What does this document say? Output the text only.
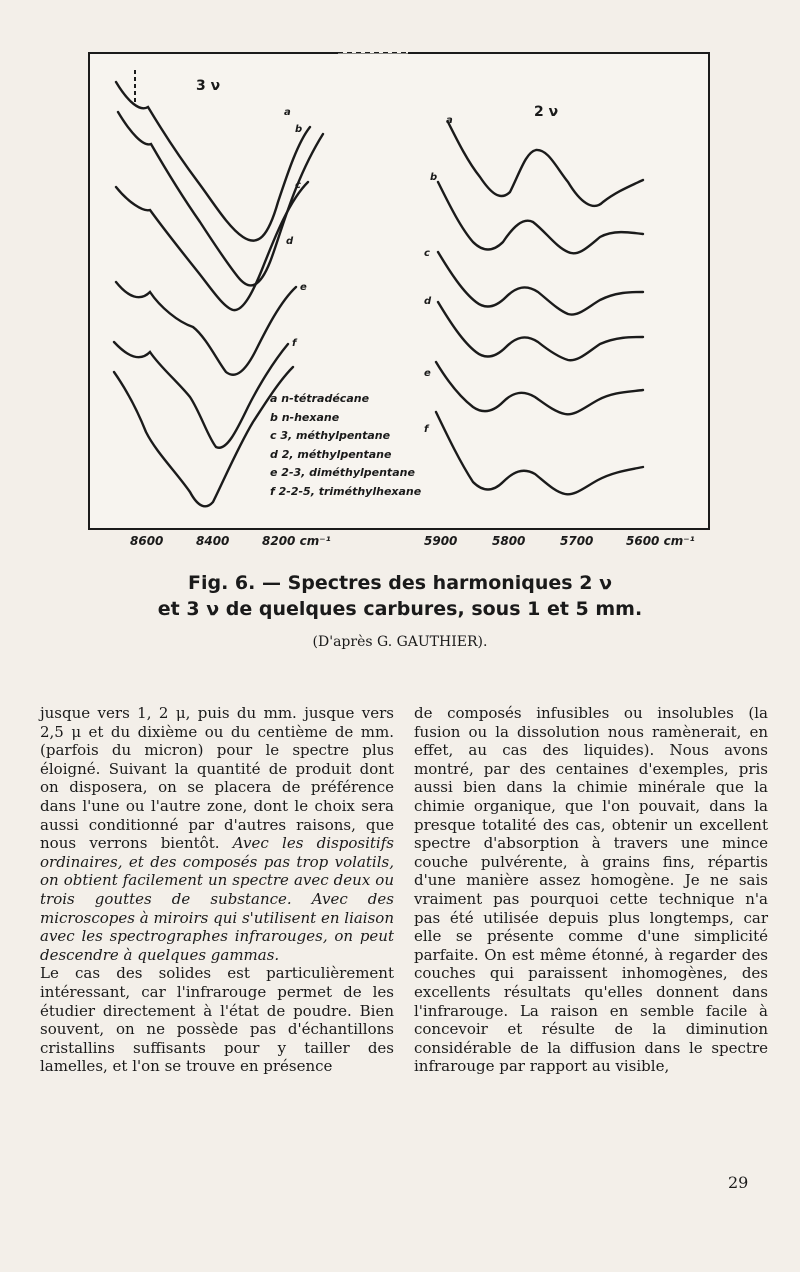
3 ν
2 ν
a
b
c
d
e
f
a
b
c
d
e
f
a n-tétradécane
b n-hexane
c 3, méthylpentane
d 2, méthylpentane
e 2-3, diméthylpentane
f 2-2-5, triméthylhexane
8600	8400	8200 cm⁻¹	5900	5800	5700	5600 cm⁻¹
Fig. 6. — Spectres des harmoniques 2 ν
et 3 ν de quelques carbures, sous 1 et 5 mm.
(D'après G. GAUTHIER).

jusque vers 1, 2 μ, puis du mm. jusque vers 2,5 μ et du dixième ou du centième de mm. (parfois du micron) pour le spectre plus éloigné. Suivant la quantité de produit dont on disposera, on se placera de préférence dans l'une ou l'autre zone, dont le choix sera aussi conditionné par d'autres raisons, que nous verrons bientôt. Avec les dispositifs ordinaires, et des composés pas trop volatils, on obtient facilement un spectre avec deux ou trois gouttes de substance. Avec des microscopes à miroirs qui s'utilisent en liaison avec les spectrographes infrarouges, on peut descendre à quelques gammas.

Le cas des solides est particulièrement intéressant, car l'infrarouge permet de les étudier directement à l'état de poudre. Bien souvent, on ne possède pas d'échantillons cristallins suffisants pour y tailler des lamelles, et l'on se trouve en présence

de composés infusibles ou insolubles (la fusion ou la dissolution nous ramènerait, en effet, au cas des liquides). Nous avons montré, par des centaines d'exemples, pris aussi bien dans la chimie minérale que la chimie organique, que l'on pouvait, dans la presque totalité des cas, obtenir un excellent spectre d'absorption à travers une mince couche pulvérente, à grains fins, répartis d'une manière assez homogène. Je ne sais vraiment pas pourquoi cette technique n'a pas été utilisée depuis plus longtemps, car elle se présente comme d'une simplicité parfaite. On est même étonné, à regarder des couches qui paraissent inhomogènes, des excellents résultats qu'elles donnent dans l'infrarouge. La raison en semble facile à concevoir et résulte de la diminution considérable de la diffusion dans le spectre infrarouge par rapport au visible,

29
